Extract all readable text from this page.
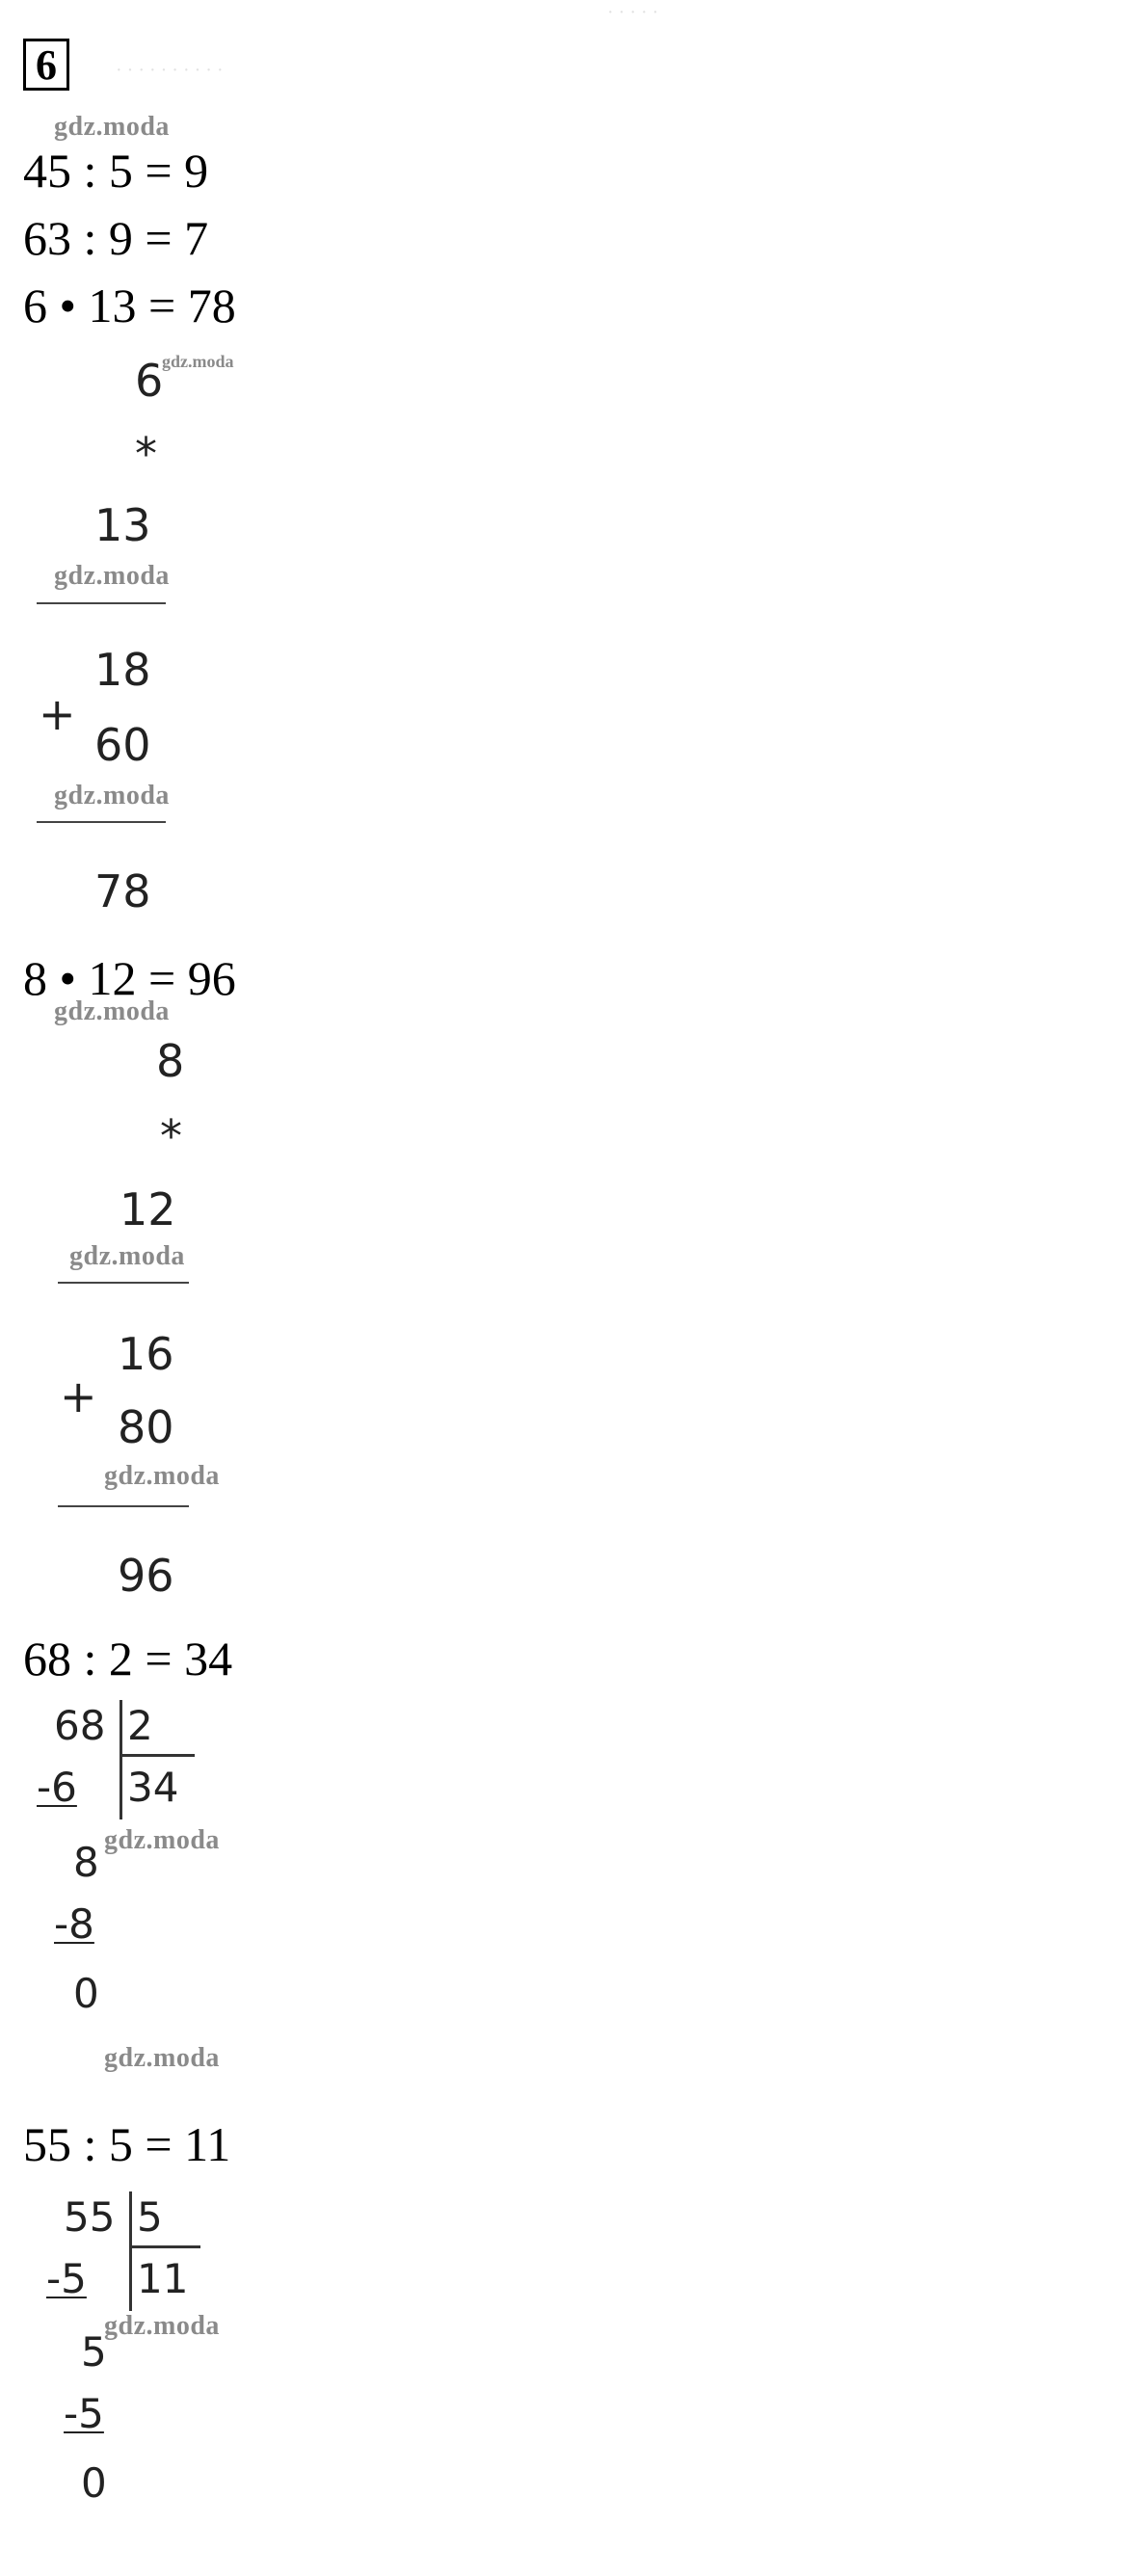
· · · · ·
· · · · · · · · · ·
6
gdz.moda
45 : 5 = 9
63 : 9 = 7
6 • 13 = 78
6
gdz.moda
*
13
gdz.moda
+
18
60
gdz.moda
78
8 • 12 = 96
gdz.moda
8
*
12
gdz.moda
+
16
80
gdz.moda
96
68 : 2 = 34
68 2
34
-6
8 gdz.moda
-8
0
gdz.moda
55 : 5 = 11
55 5
11
-5
5
gdz.moda
-5
0
